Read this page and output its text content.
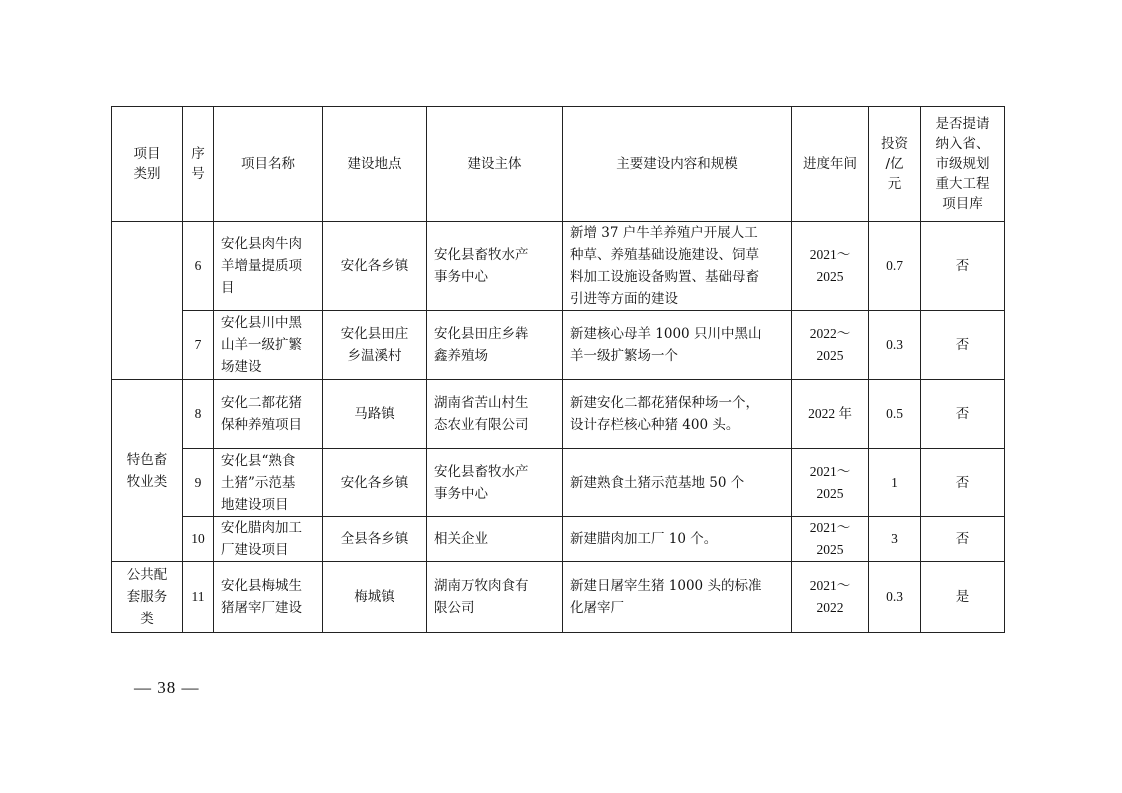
项目
类别	序
号	项目名称	建设地点	建设主体	主要建设内容和规模	进度年间	投资
/亿
元	是否提请
纳入省、
市级规划
重大工程
项目库
	6	安化县肉牛肉
羊增量提质项
目	安化各乡镇	安化县畜牧水产
事务中心	新增 37 户牛羊养殖户开展人工
种草、养殖基础设施建设、饲草
料加工设施设备购置、基础母畜
引进等方面的建设	2021～
2025	0.7	否
	7	安化县川中黑
山羊一级扩繁
场建设	安化县田庄
乡温溪村	安化县田庄乡犇
鑫养殖场	新建核心母羊 1000 只川中黑山
羊一级扩繁场一个	2022～
2025	0.3	否
特色畜
牧业类	8	安化二都花猪
保种养殖项目	马路镇	湖南省苦山村生
态农业有限公司	新建安化二都花猪保种场一个，
设计存栏核心种猪 400 头。	2022 年	0.5	否
	9	安化县“熟食
土猪”示范基
地建设项目	安化各乡镇	安化县畜牧水产
事务中心	新建熟食土猪示范基地 50 个	2021～
2025	1	否
	10	安化腊肉加工
厂建设项目	全县各乡镇	相关企业	新建腊肉加工厂 10 个。	2021～
2025	3	否
公共配
套服务
类	11	安化县梅城生
猪屠宰厂建设	梅城镇	湖南万牧肉食有
限公司	新建日屠宰生猪 1000 头的标准
化屠宰厂	2021～
2022	0.3	是
— 38 —
